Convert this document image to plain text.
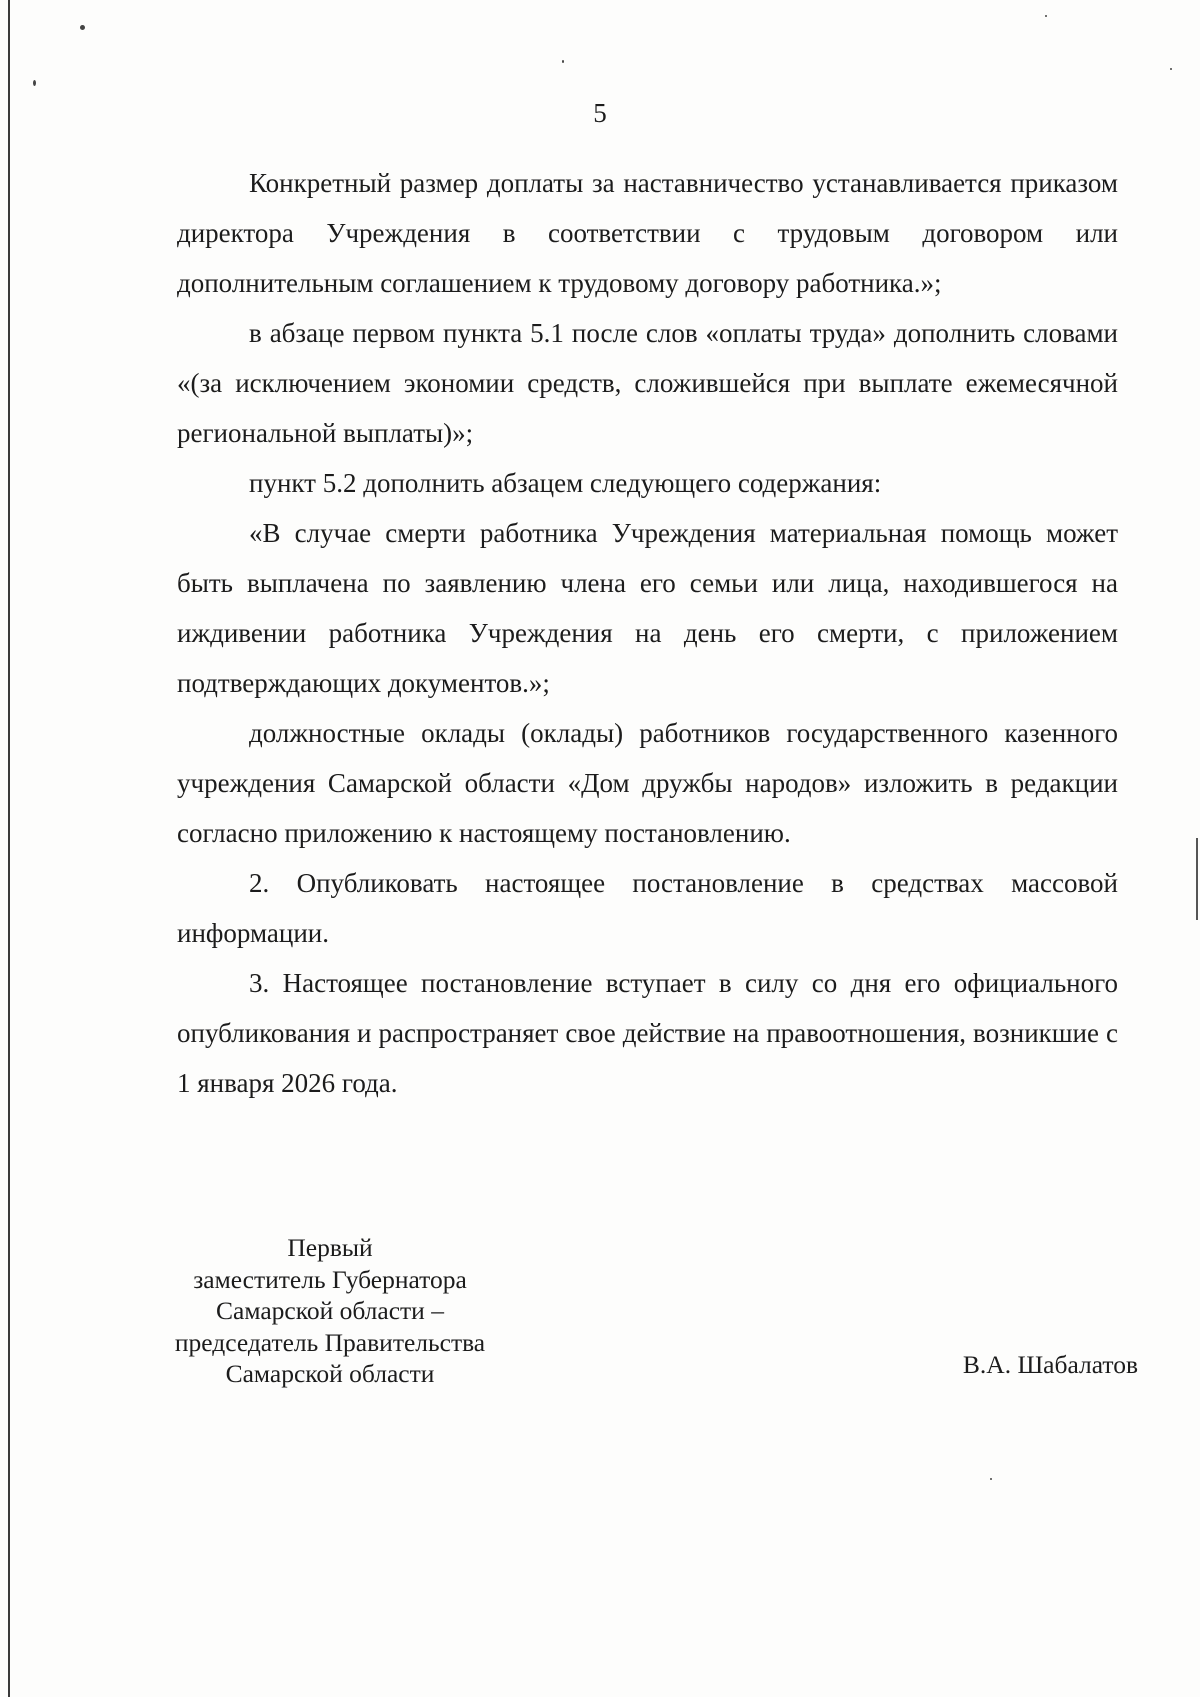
5

Конкретный размер доплаты за наставничество устанавливается приказом директора Учреждения в соответствии с трудовым договором или дополнительным соглашением к трудовому договору работника.»;

в абзаце первом пункта 5.1 после слов «оплаты труда» дополнить словами «(за исключением экономии средств, сложившейся при выплате ежемесячной региональной выплаты)»;

пункт 5.2 дополнить абзацем следующего содержания:

«В случае смерти работника Учреждения материальная помощь может быть выплачена по заявлению члена его семьи или лица, находившегося на иждивении работника Учреждения на день его смерти, с приложением подтверждающих документов.»;

должностные оклады (оклады) работников государственного казенного учреждения Самарской области «Дом дружбы народов» изложить в редакции согласно приложению к настоящему постановлению.

2. Опубликовать настоящее постановление в средствах массовой информации.

3. Настоящее постановление вступает в силу со дня его официального опубликования и распространяет свое действие на правоотношения, возникшие с 1 января 2026 года.

Первый
заместитель Губернатора
Самарской области –
председатель Правительства
Самарской области	В.А. Шабалатов
